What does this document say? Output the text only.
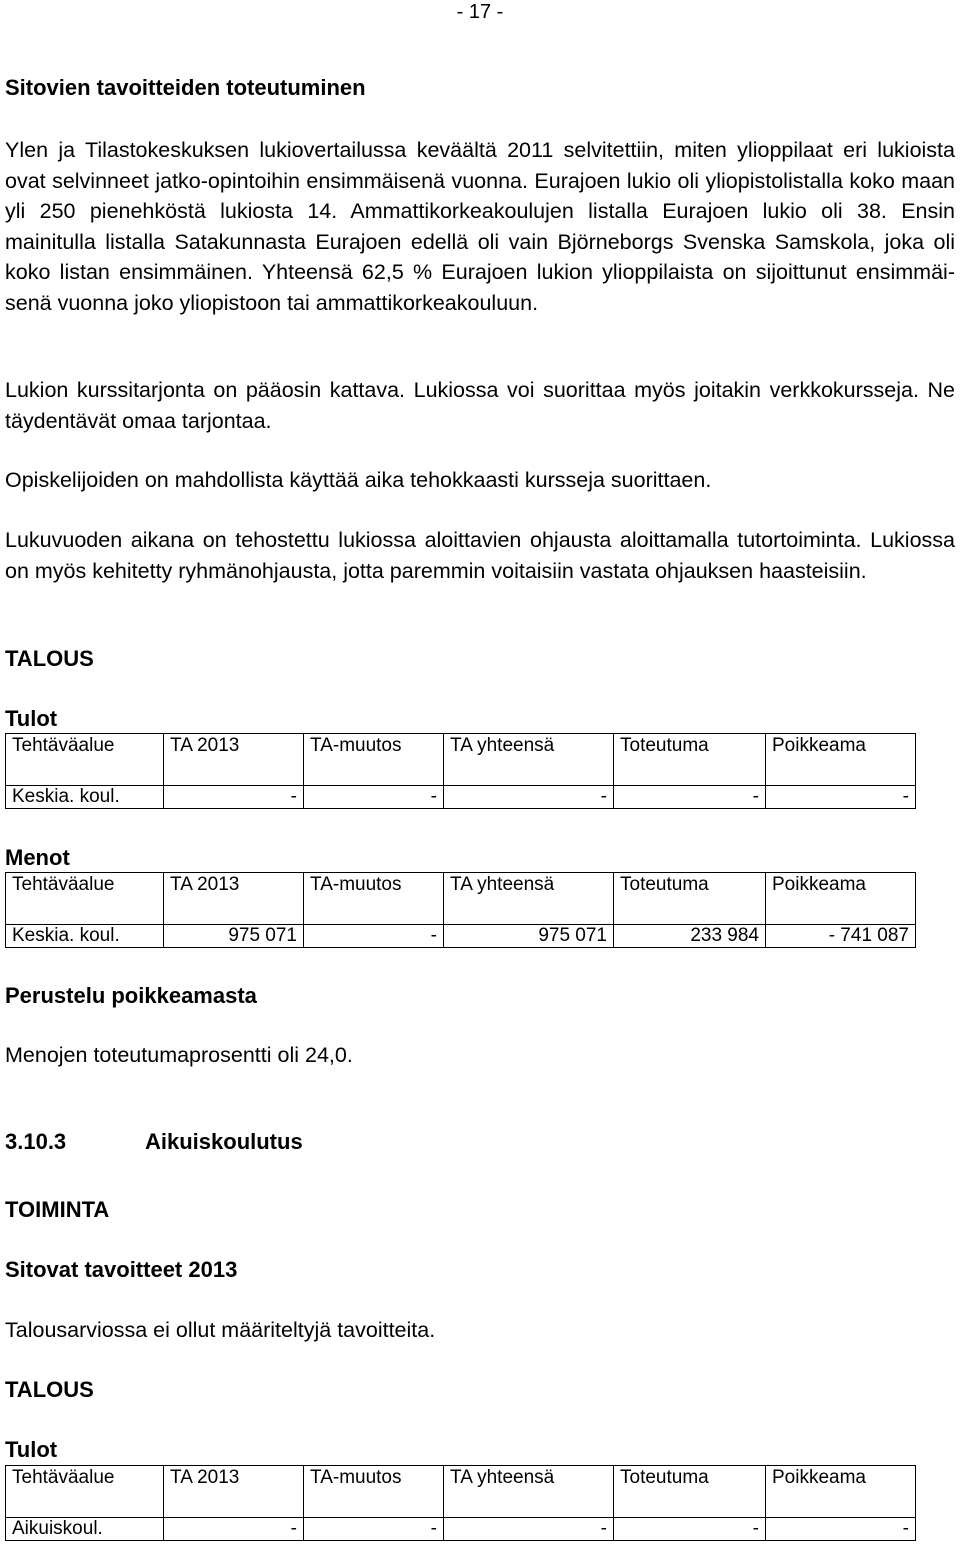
- 17 -
Sitovien tavoitteiden toteutuminen

Ylen ja Tilastokeskuksen lukiovertailussa keväältä 2011 selvitettiin, miten ylioppilaat eri lukioista ovat selvinneet jatko-opintoihin ensimmäisenä vuonna. Eurajoen lukio oli yliopistolistalla koko maan yli 250 pienehköstä lukiosta 14. Ammattikorkeakoulujen listalla Eurajoen lukio oli 38. Ensin mainitulla listalla Satakunnasta Eurajoen edellä oli vain Björneborgs Svenska Samskola, joka oli koko listan ensimmäinen. Yhteensä 62,5 % Eurajoen lukion ylioppilaista on sijoittunut ensimmäisenä vuonna joko yliopistoon tai ammattikorkeakouluun.

Lukion kurssitarjonta on pääosin kattava. Lukiossa voi suorittaa myös joitakin verkkokursseja. Ne täydentävät omaa tarjontaa.

Opiskelijoiden on mahdollista käyttää aika tehokkaasti kursseja suorittaen.

Lukuvuoden aikana on tehostettu lukiossa aloittavien ohjausta aloittamalla tutortoiminta. Lukiossa on myös kehitetty ryhmänohjausta, jotta paremmin voitaisiin vastata ohjauksen haasteisiin.

TALOUS
Tulot
Tehtäväalue	TA 2013	TA-muutos	TA yhteensä	Toteutuma	Poikkeama
Keskia. koul.	-	-	-	-	-
Menot
Tehtäväalue	TA 2013	TA-muutos	TA yhteensä	Toteutuma	Poikkeama
Keskia. koul.	975 071	-	975 071	233 984	- 741 087
Perustelu poikkeamasta

Menojen toteutumaprosentti oli 24,0.

3.10.3	Aikuiskoulutus
TOIMINTA
Sitovat tavoitteet 2013

Talousarviossa ei ollut määriteltyjä tavoitteita.

TALOUS
Tulot
Tehtäväalue	TA 2013	TA-muutos	TA yhteensä	Toteutuma	Poikkeama
Aikuiskoul.	-	-	-	-	-
